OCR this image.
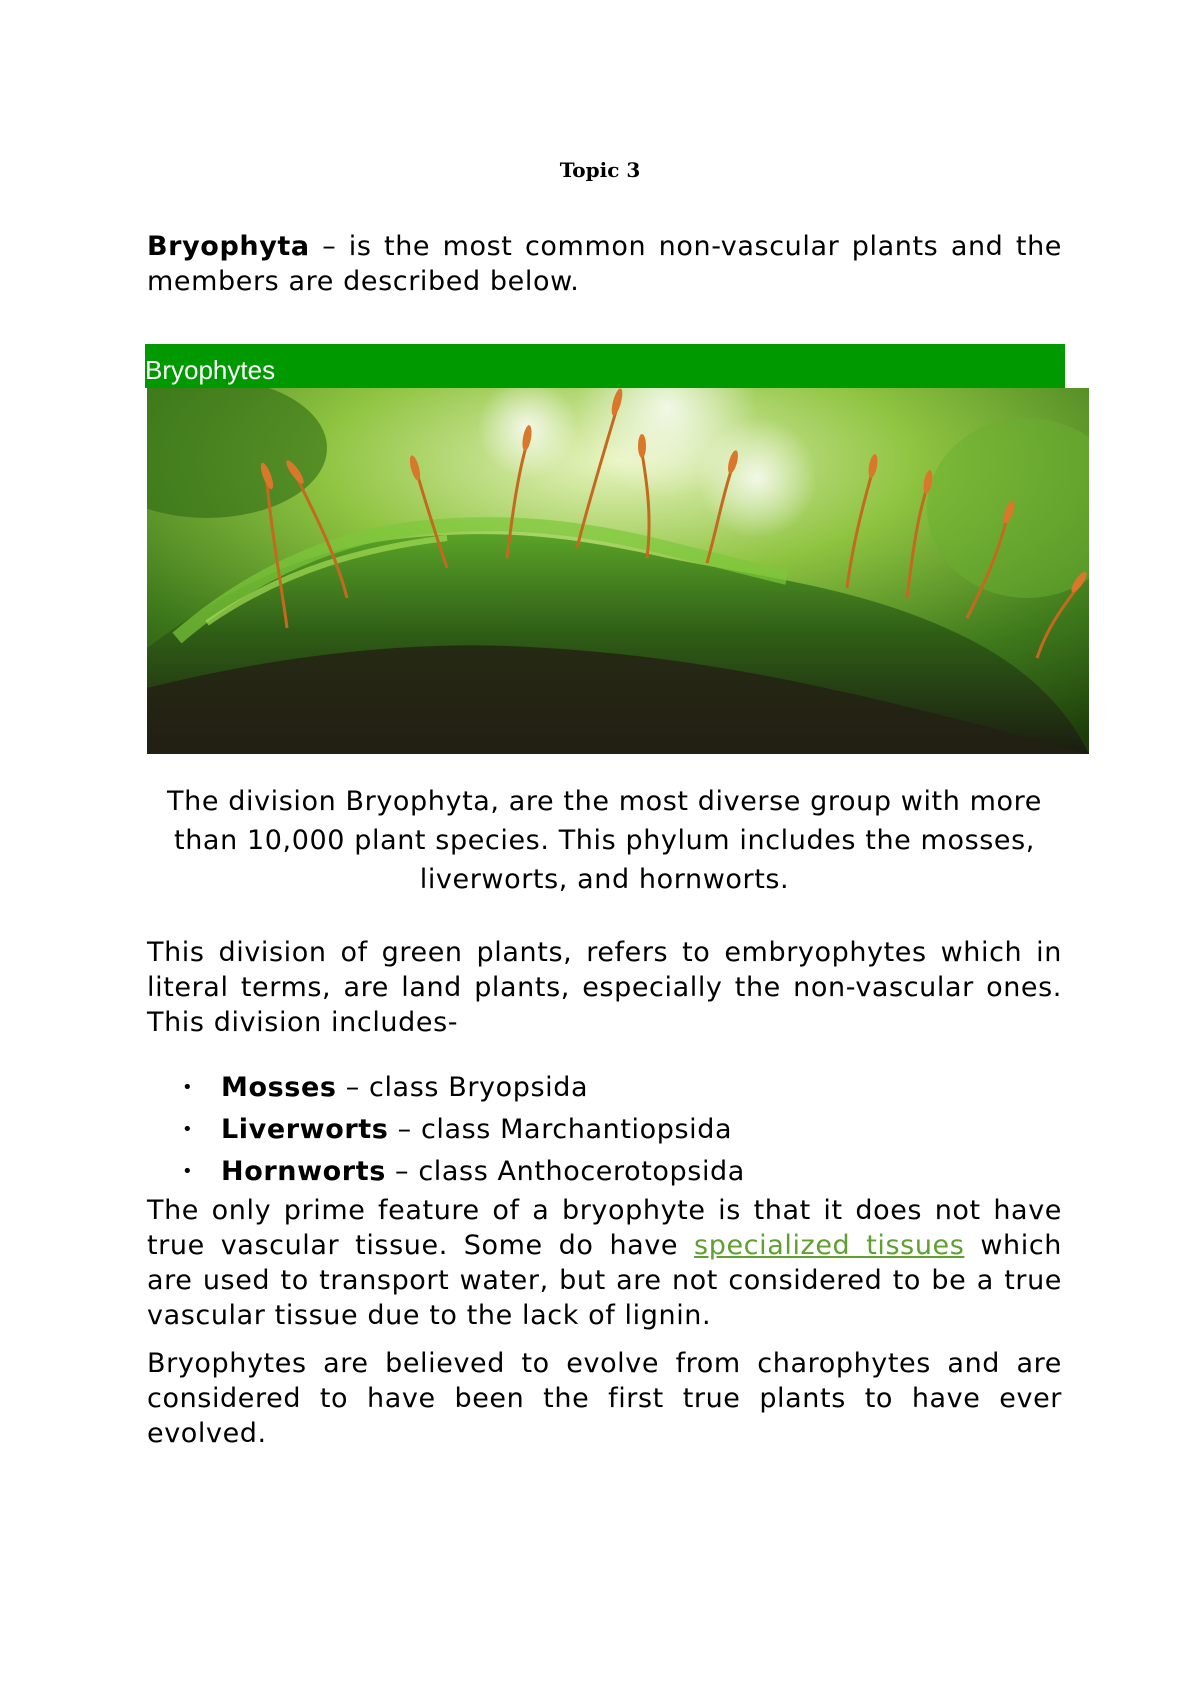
Topic 3

Bryophyta – is the most common non-vascular plants and the members are described below.

Bryophytes

The division Bryophyta, are the most diverse group with more than 10,000 plant species. This phylum includes the mosses, liverworts, and hornworts.

This division of green plants, refers to embryophytes which in literal terms, are land plants, especially the non-vascular ones. This division includes-

• Mosses – class Bryopsida
• Liverworts – class Marchantiopsida
• Hornworts – class Anthocerotopsida

The only prime feature of a bryophyte is that it does not have true vascular tissue. Some do have specialized tissues which are used to transport water, but are not considered to be a true vascular tissue due to the lack of lignin.

Bryophytes are believed to evolve from charophytes and are considered to have been the first true plants to have ever evolved.
